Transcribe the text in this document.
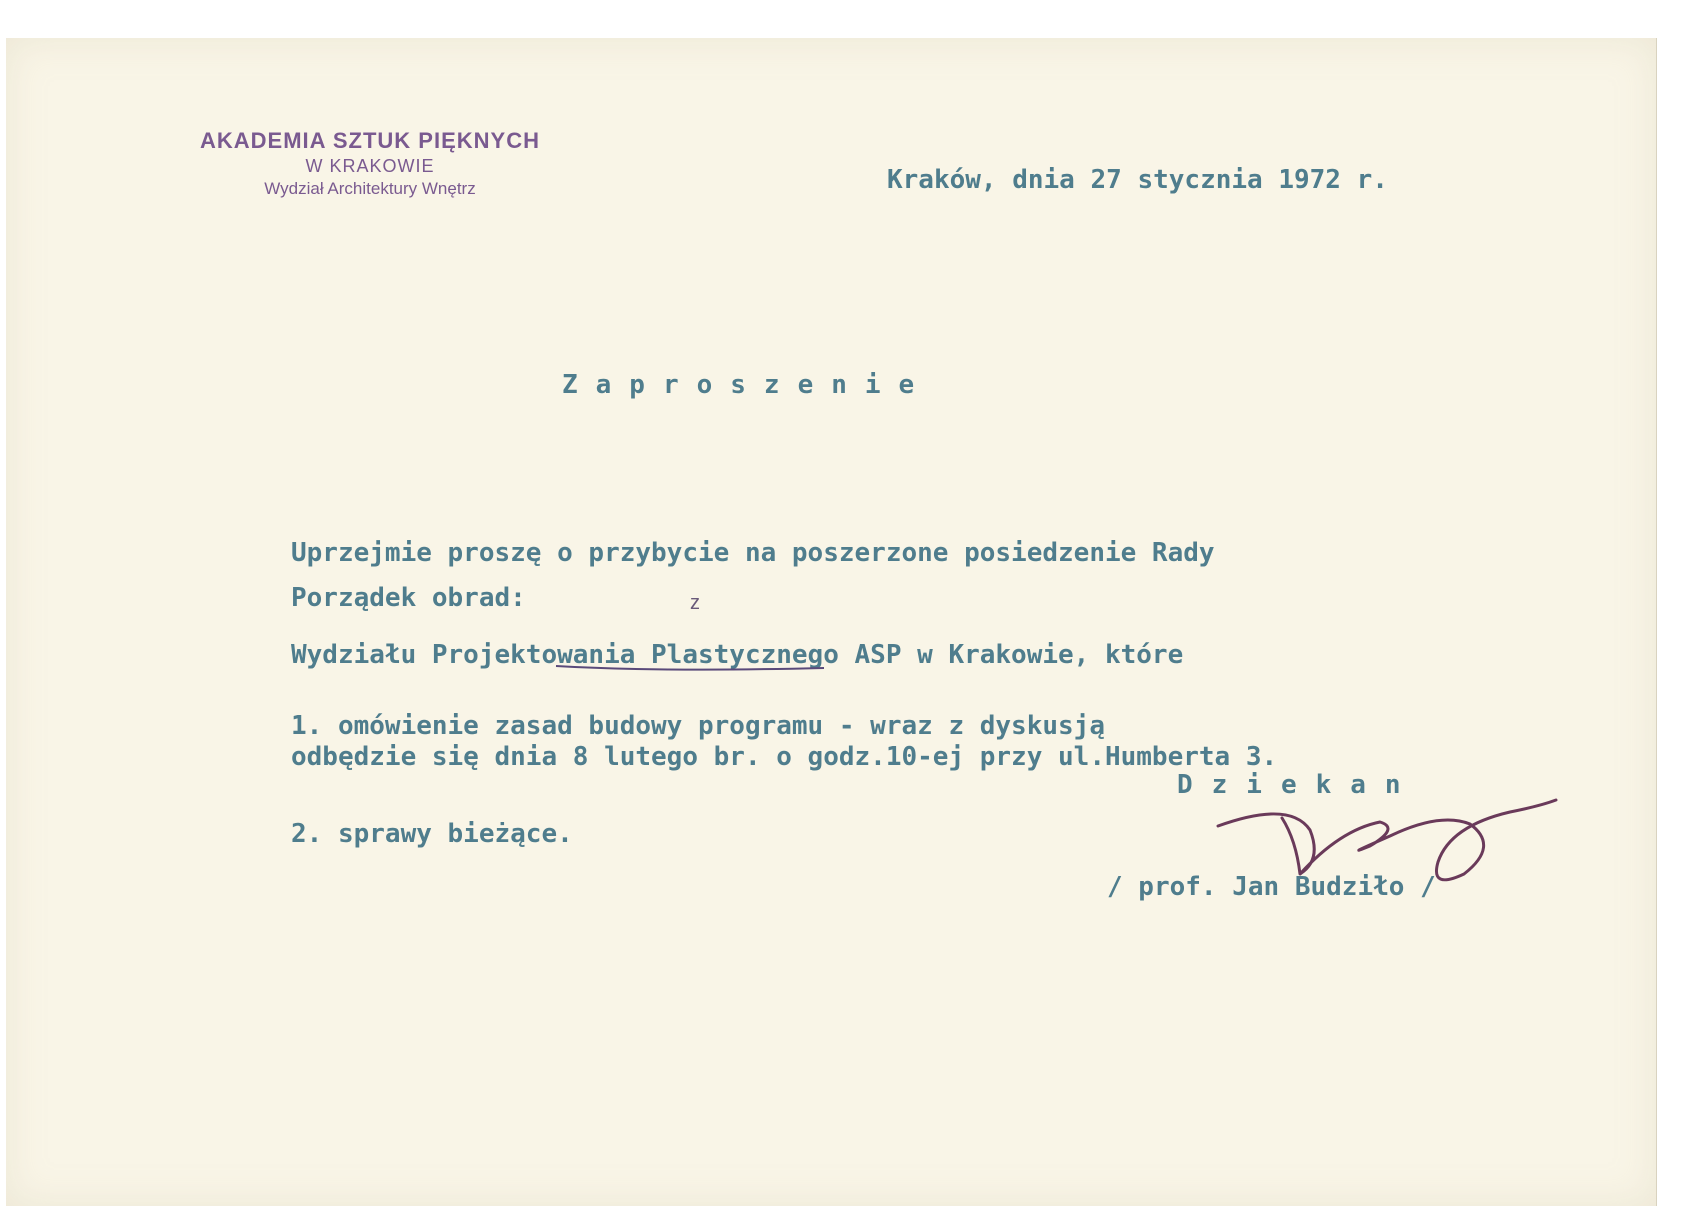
AKADEMIA SZTUK PIĘKNYCH
W KRAKOWIE
Wydział Architektury Wnętrz	Kraków, dnia 27 stycznia 1972 r.
Zaproszenie

Uprzejmie proszę o przybycie na poszerzone posiedzenie Rady

Wydziału Projektowania Plastycznego ASP w Krakowie, które

odbędzie się dnia 8 lutego br. o godz.10-ej przy ul.Humberta 3.

Porządek obrad:

1. omówienie zasad budowy programu - wraz z dyskusją

2. sprawy bieżące.

z
Dziekan
/ prof. Jan Budziło /
